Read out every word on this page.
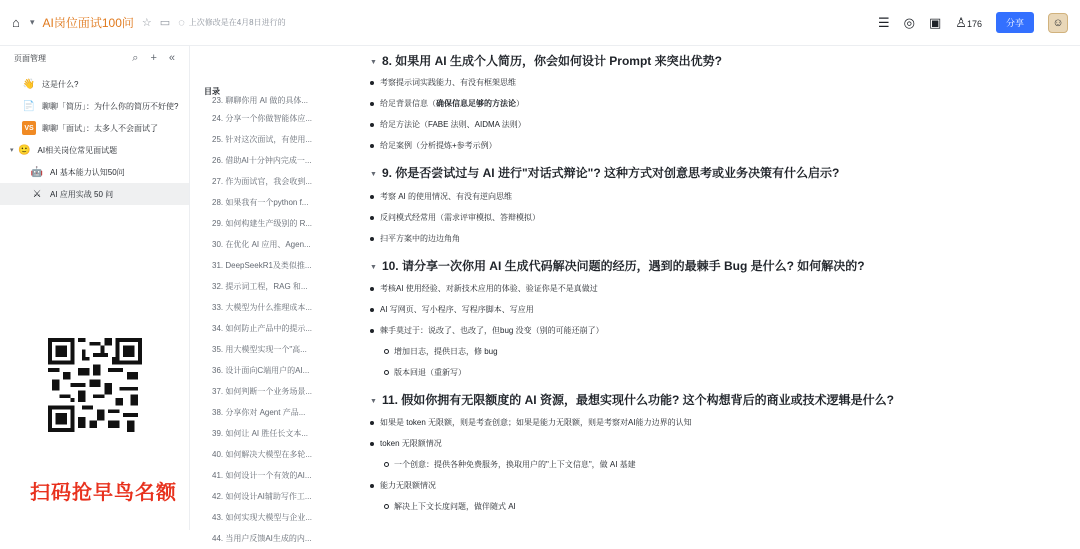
⌂	▾ AI岗位面试100问 ☆ ▭ ◌ 上次修改是在4月8日进行的	☰ ◎ ▣ ♙176	分享	☺
页面管理	⌕ + «
👋 这是什么?
📄 聊聊「简历」：为什么你的简历不好使?
VS 聊聊「面试」：太多人不会面试了
▾ 🙂 AI相关岗位常见面试题
🤖 AI 基本能力认知50问
⚔	AI 应用实战 50 问
扫码抢早鸟名额
目录
23. 聊聊你用 AI 做的具体...
24. 分享一个你做智能体应...
25. 针对这次面试，有使用...
26. 借助AI十分钟内完成一...
27. 作为面试官，我会收到...
28. 如果我有一个python f...
29. 如何构建生产级别的 R...
30. 在优化 AI 应用、Agen...
31. DeepSeekR1及类似推...
32. 提示词工程，RAG 和...
33. 大模型为什么推理成本...
34. 如何防止产品中的提示...
35. 用大模型实现一个"高...
36. 设计面向C端用户的AI...
37. 如何判断一个业务场景...
38. 分享你对 Agent 产品...
39. 如何让 AI 胜任长文本...
40. 如何解决大模型在多轮...
41. 如何设计一个有效的AI...
42. 如何设计AI辅助写作工...
43. 如何实现大模型与企业...
44. 当用户反馈AI生成的内...
▼ 8. 如果用 AI 生成个人简历，你会如何设计 Prompt 来突出优势?
考察提示词实践能力、有没有框架思维
给足背景信息（确保信息足够的方法论）
给足方法论（FABE 法则、AIDMA 法则）
给足案例（分析提炼+参考示例）
▼ 9. 你是否尝试过与 AI 进行"对话式辩论"? 这种方式对创意思考或业务决策有什么启示?
考察 AI 的使用情况、有没有逆向思维
反问模式经常用（需求评审模拟、答辩模拟）
扫平方案中的边边角角
▼ 10. 请分享一次你用 AI 生成代码解决问题的经历，遇到的最棘手 Bug 是什么? 如何解决的?
考核AI 使用经验、对新技术应用的体验、验证你是不是真做过
AI 写网页、写小程序、写程序脚本、写应用
棘手莫过于：说改了、也改了，但bug 没变（别的可能还崩了）
增加日志，提供日志，修 bug
版本回退（重新写）
▼ 11. 假如你拥有无限额度的 AI 资源，最想实现什么功能? 这个构想背后的商业或技术逻辑是什么?
如果是 token 无限额，则是考查创意；如果是能力无限额，则是考察对AI能力边界的认知
token 无限额情况
一个创意：提供各种免费服务，换取用户的"上下文信息"，做 AI 基建
能力无限额情况
解决上下文长度问题，做伴随式 AI
